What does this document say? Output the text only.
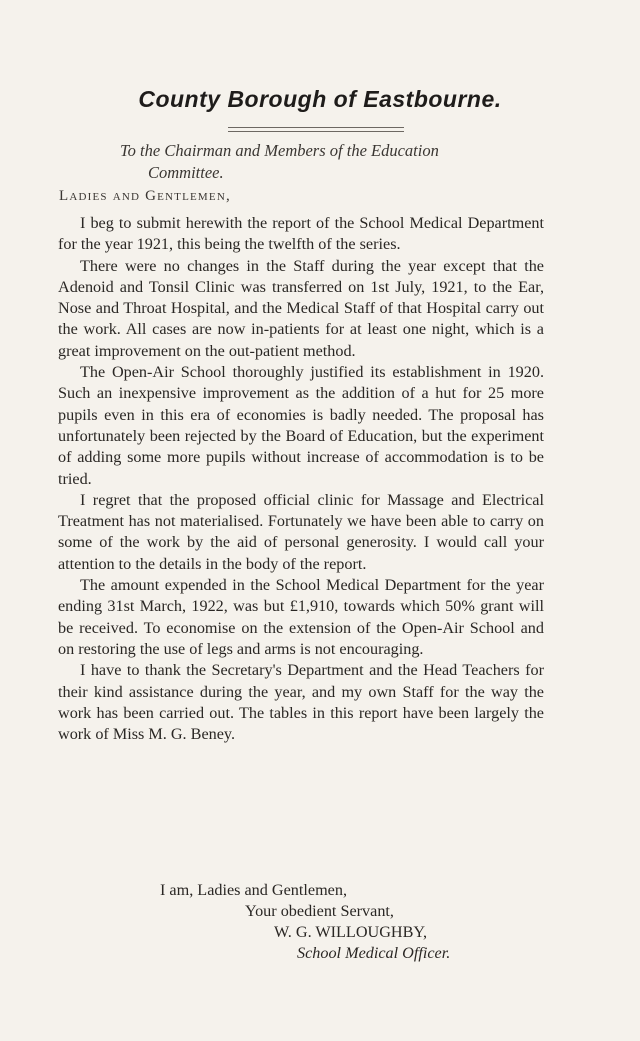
County Borough of Eastbourne.
To the Chairman and Members of the Education
Committee.
Ladies and Gentlemen,

I beg to submit herewith the report of the School Medical Department for the year 1921, this being the twelfth of the series.

There were no changes in the Staff during the year except that the Adenoid and Tonsil Clinic was transferred on 1st July, 1921, to the Ear, Nose and Throat Hospital, and the Medical Staff of that Hospital carry out the work. All cases are now in-patients for at least one night, which is a great improvement on the out-patient method.

The Open-Air School thoroughly justified its establishment in 1920. Such an inexpensive improvement as the addition of a hut for 25 more pupils even in this era of economies is badly needed. The proposal has unfortunately been rejected by the Board of Education, but the experiment of adding some more pupils without increase of accommodation is to be tried.

I regret that the proposed official clinic for Massage and Electrical Treatment has not materialised. Fortunately we have been able to carry on some of the work by the aid of personal generosity. I would call your attention to the details in the body of the report.

The amount expended in the School Medical Department for the year ending 31st March, 1922, was but £1,910, towards which 50% grant will be received. To economise on the extension of the Open-Air School and on restoring the use of legs and arms is not encouraging.

I have to thank the Secretary's Department and the Head Teachers for their kind assistance during the year, and my own Staff for the way the work has been carried out. The tables in this report have been largely the work of Miss M. G. Beney.

I am, Ladies and Gentlemen,
Your obedient Servant,
W. G. WILLOUGHBY,
School Medical Officer.
